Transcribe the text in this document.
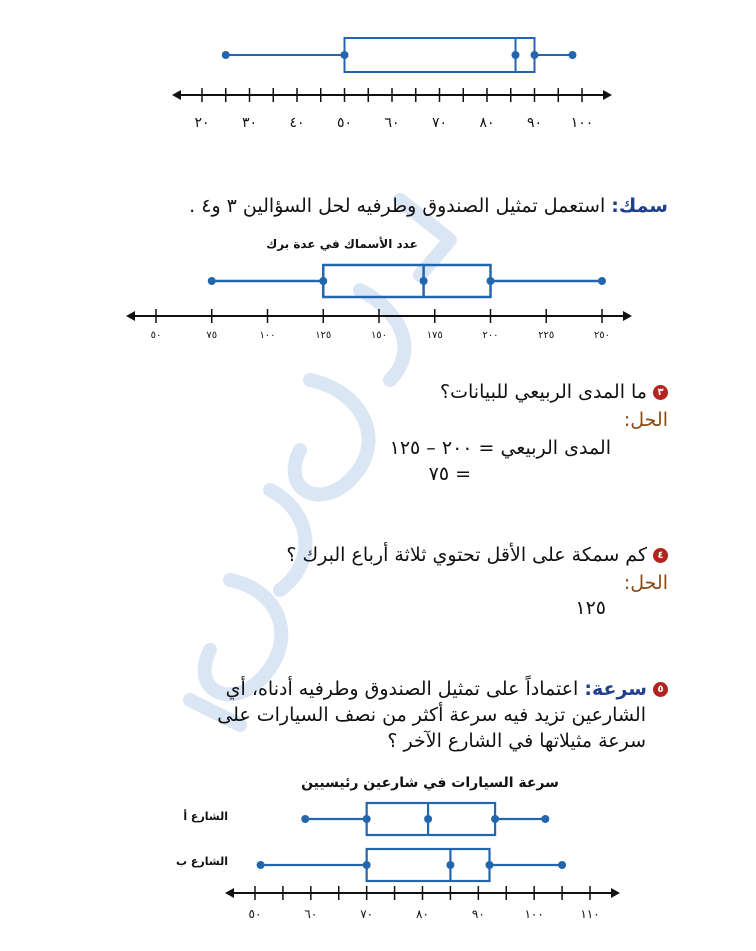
٢٠ ٣٠ ٤٠ ٥٠ ٦٠ ٧٠ ٨٠ ٩٠ ١٠٠
سمك: استعمل تمثيل الصندوق وطرفيه لحل السؤالين ٣ و٤ .
عدد الأسماك في عدة برك
٥٠	٧٥	١٠٠	١٢٥	١٥٠	١٧٥	٢٠٠	٢٢٥	٢٥٠
٣ما المدى الربيعي للبيانات؟
الحل:
المدى الربيعي = ٢٠٠ – ١٢٥
= ٧٥
٤كم سمكة على الأقل تحتوي ثلاثة أرباع البرك ؟
الحل:
١٢٥
٥سرعة: اعتماداً على تمثيل الصندوق وطرفيه أدناه، أي
الشارعين تزيد فيه سرعة أكثر من نصف السيارات على
سرعة مثيلاتها في الشارع الآخر ؟
سرعة السيارات في شارعين رئيسيين
الشارع أ
الشارع ب
٥٠	٦٠	٧٠	٨٠	٩٠	١٠٠	١١٠
